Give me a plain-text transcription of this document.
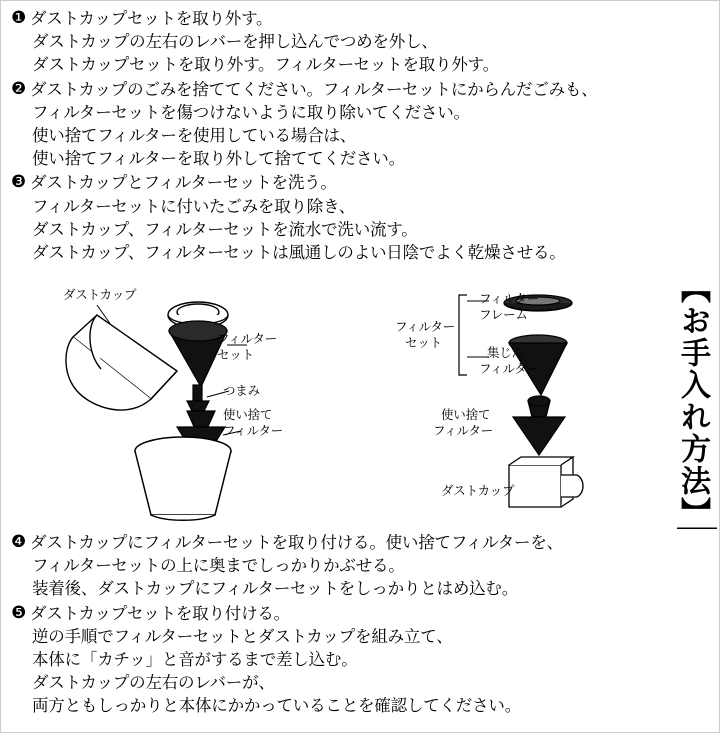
❶ ダストカップセットを取り外す。
ダストカップの左右のレバーを押し込んでつめを外し、
ダストカップセットを取り外す。フィルターセットを取り外す。
❷ ダストカップのごみを捨ててください。フィルターセットにからんだごみも、
フィルターセットを傷つけないように取り除いてください。
使い捨てフィルターを使用している場合は、
使い捨てフィルターを取り外して捨ててください。
❸ ダストカップとフィルターセットを洗う。
フィルターセットに付いたごみを取り除き、
ダストカップ、フィルターセットを流水で洗い流す。
ダストカップ、フィルターセットは風通しのよい日陰でよく乾燥させる。
ダストカップ
フィルター
セット
つまみ
使い捨て
フィルター
フィルター
セット
フィルター
フレーム
集じん
フィルター
使い捨て
フィルター
ダストカップ	【お手入れ方法】
❹ ダストカップにフィルターセットを取り付ける。使い捨てフィルターを、
フィルターセットの上に奥までしっかりかぶせる。
装着後、ダストカップにフィルターセットをしっかりとはめ込む。
❺ ダストカップセットを取り付ける。
逆の手順でフィルターセットとダストカップを組み立て、
本体に「カチッ」と音がするまで差し込む。
ダストカップの左右のレバーが、
両方ともしっかりと本体にかかっていることを確認してください。
